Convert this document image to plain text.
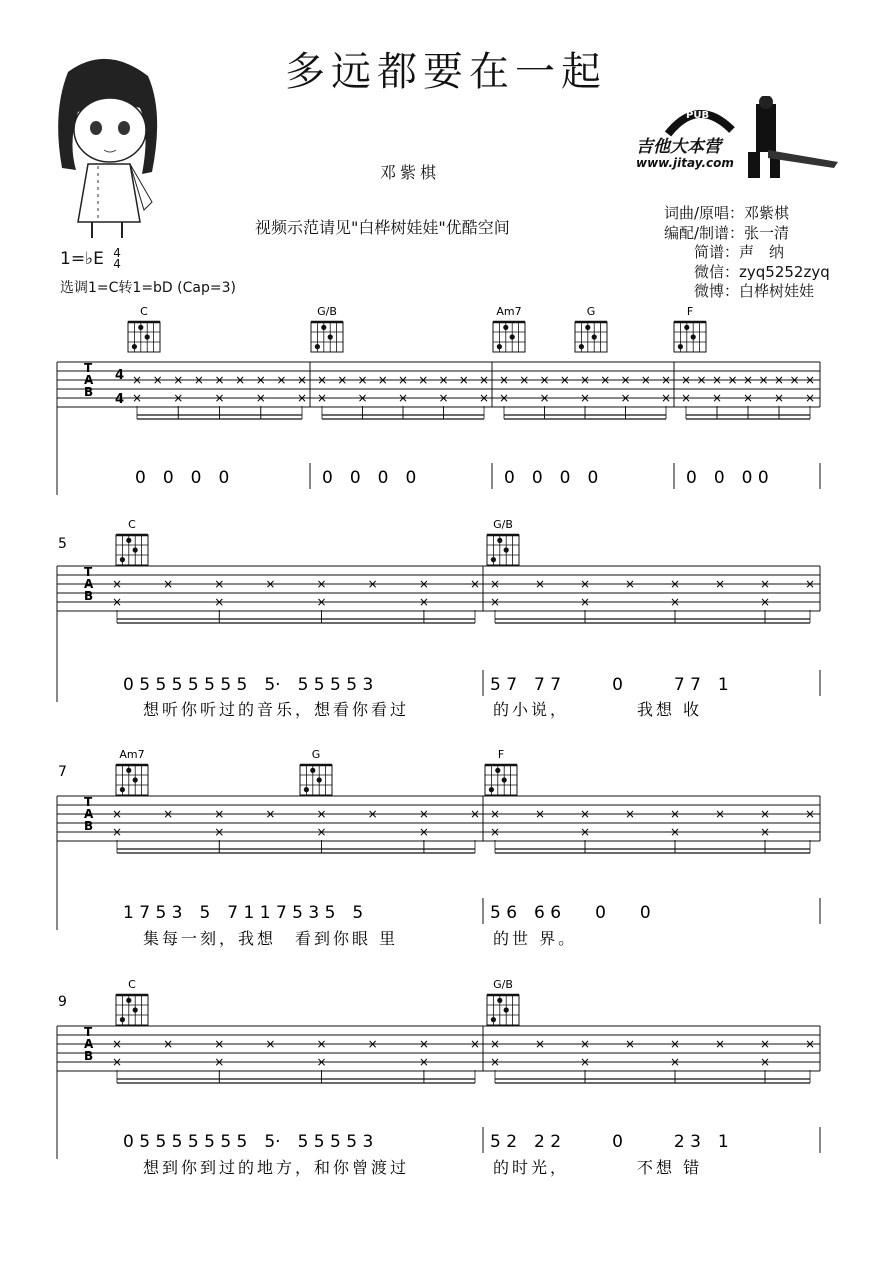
多远都要在一起
邓紫棋
视频示范请见"白桦树娃娃"优酷空间
词曲/原唱：邓紫棋
编配/制谱：张一清
　　简谱：声　纳
　　微信：zyq5252zyq
　　微博：白桦树娃娃
1=♭E 4
4
选调1=C转1=bD (Cap=3)
PUB
吉他大本营
www.jitay.com
C	G/B	Am7	G	F
T
A
B
4
4
×
×
× ×
×
× ×
×
× ×
×
× ×
×
×
×
× ×
×
× ×
×
× ×
×
× ×
×
×
×
× ×
×
× ×
×
× ×
×
× ×
×
×
×
× ×
×
× ×
×
× ×
×
× ×
×
0　0　0　0	0　0　0　0	0　0　0　0	0　0　0 0
5
C	G/B
T
A
B
×
×
×	×
×
×	×
×
×	×
×
× ×
×
×	×
×
×	×
×
×	×
×
×
0 5 5 5 5 5 5 5　5·　5 5 5 5 3	5 7　7 7　　　0　　　7 7　1
想听你听过的音乐，想看你看过	的小说，　　　　我想 收
7
Am7	G	F
T
A
B
×
×
×	×
×
×	×
×
×	×
×
× ×
×
×	×
×
×	×
×
×	×
×
×
1 7 5 3　5　7 1 1 7 5 3 5　5	5 6　6 6　　0　　0
集每一刻，我想　看到你眼 里	的世 界。
9
C	G/B
T
A
B
×
×
×	×
×
×	×
×
×	×
×
× ×
×
×	×
×
×	×
×
×	×
×
×
0 5 5 5 5 5 5 5　5·　5 5 5 5 3	5 2　2 2　　　0　　　2 3　1
想到你到过的地方，和你曾渡过	的时光，　　　　不想 错
